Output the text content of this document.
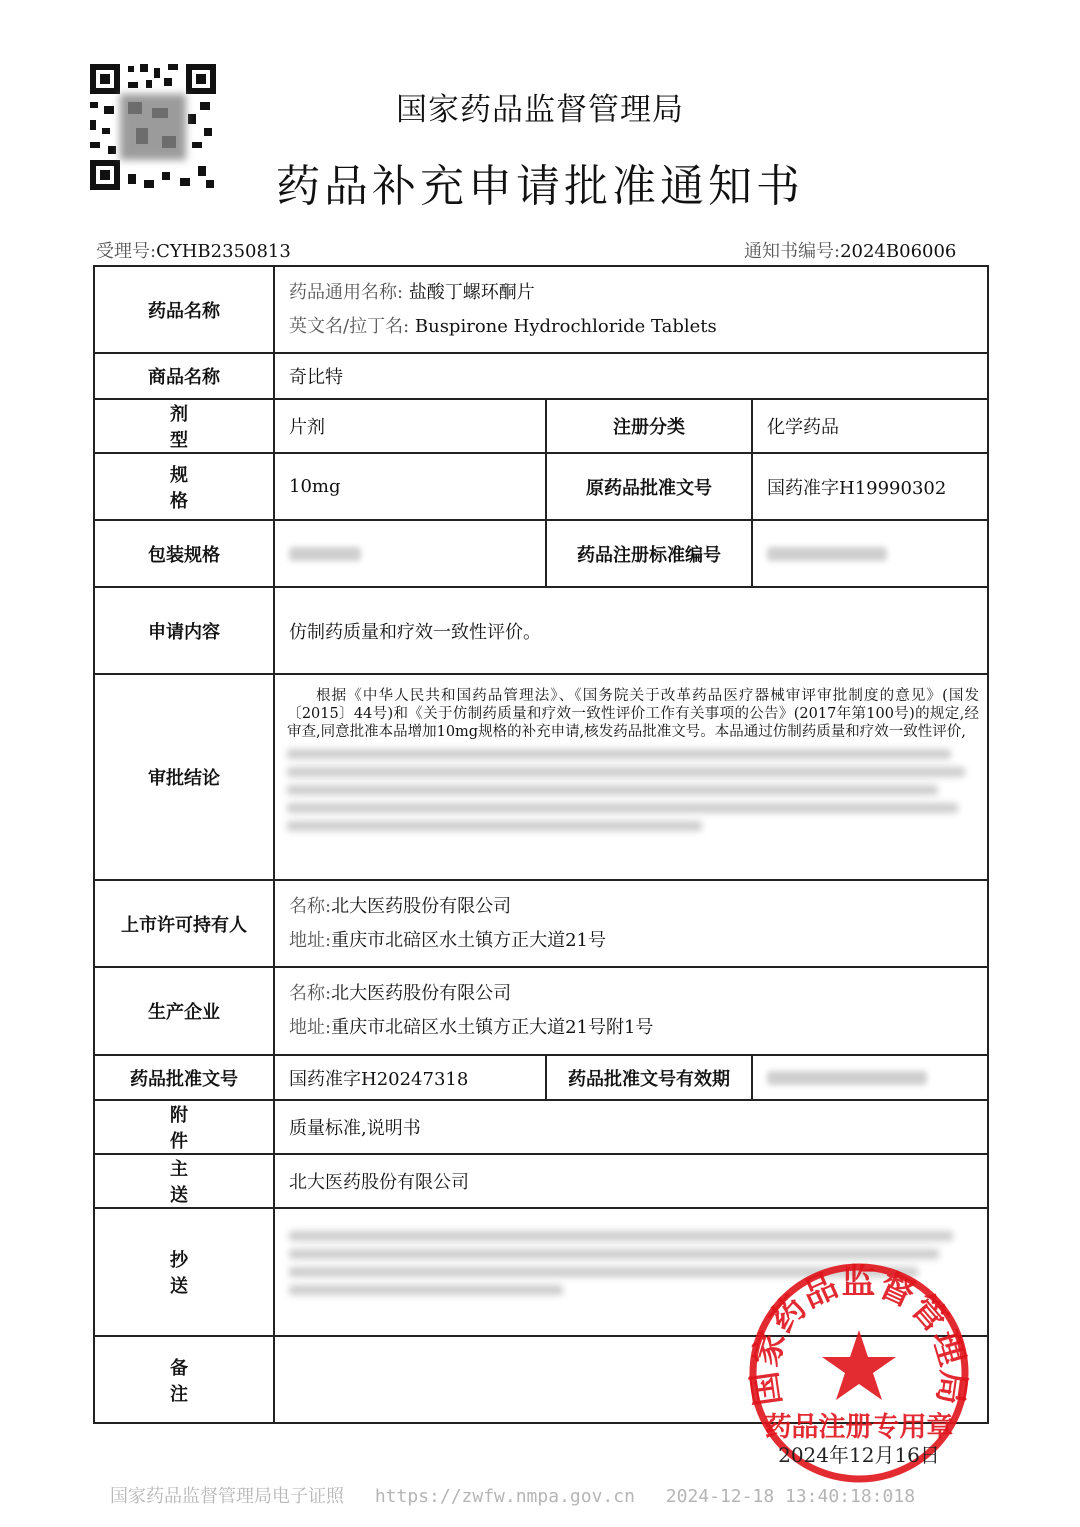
国家药品监督管理局
药品补充申请批准通知书
受理号:CYHB2350813	通知书编号:2024B06006
药品名称	药品通用名称: 盐酸丁螺环酮片
英文名/拉丁名: Buspirone Hydrochloride Tablets		

商品名称	奇比特		
剂型	片剂	注册分类	化学药品
规格	10mg	原药品批准文号	国药准字H19990302
包装规格		药品注册标准编号	
申请内容	仿制药质量和疗效一致性评价。		
审批结论	根据《中华人民共和国药品管理法》、《国务院关于改革药品医疗器械审评审批制度的意见》(国发〔2015〕44号)和《关于仿制药质量和疗效一致性评价工作有关事项的公告》(2017年第100号)的规定,经审查,同意批准本品增加10mg规格的补充申请,核发药品批准文号。本品通过仿制药质量和疗效一致性评价,		

上市许可持有人	名称:北大医药股份有限公司
地址:重庆市北碚区水土镇方正大道21号		

生产企业	名称:北大医药股份有限公司
地址:重庆市北碚区水土镇方正大道21号附1号		

药品批准文号	国药准字H20247318	药品批准文号有效期	
附件	质量标准,说明书		
主送	北大医药股份有限公司		
抄送			

备注				国家药品监督管理局
药品注册专用章
2024年12月16日
国家药品监督管理局电子证照 https://zwfw.nmpa.gov.cn 2024-12-18 13:40:18:018
